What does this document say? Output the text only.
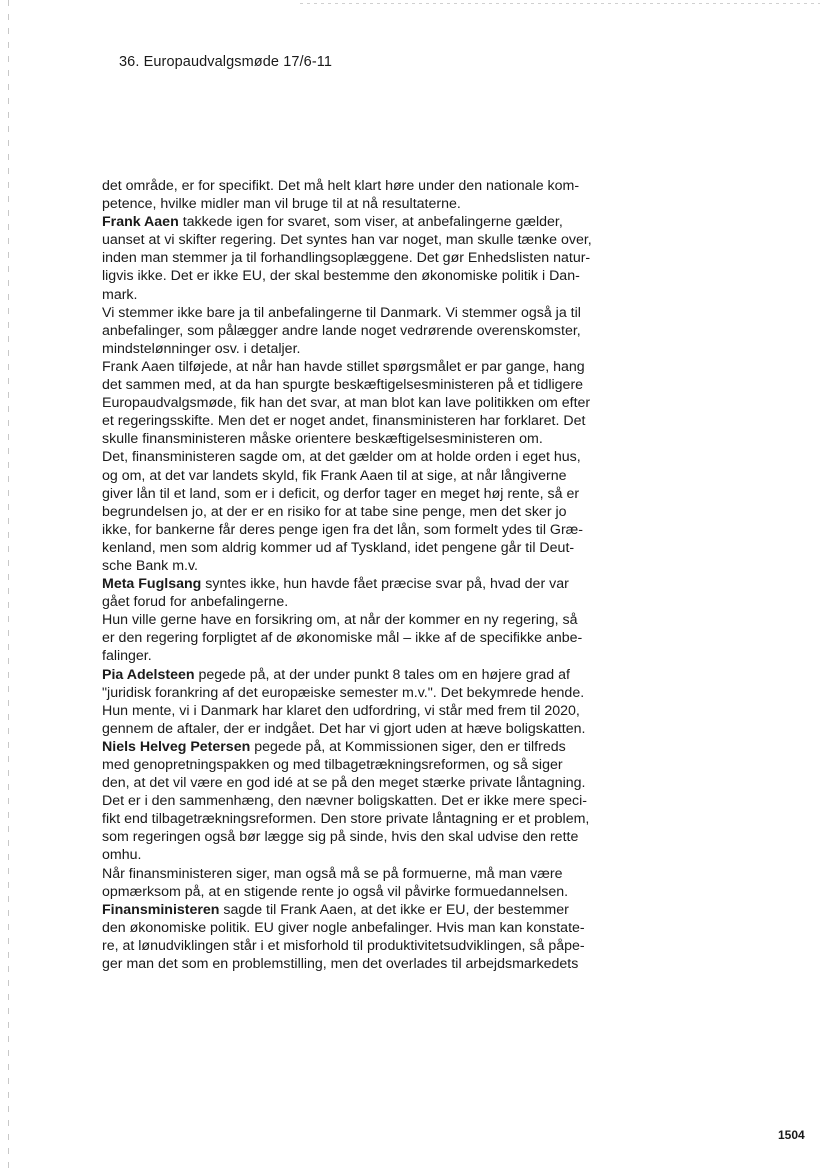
36. Europaudvalgsmøde 17/6-11

det område, er for specifikt. Det må helt klart høre under den nationale kom-
petence, hvilke midler man vil bruge til at nå resultaterne.

Frank Aaen takkede igen for svaret, som viser, at anbefalingerne gælder,
uanset at vi skifter regering. Det syntes han var noget, man skulle tænke over,
inden man stemmer ja til forhandlingsoplæggene. Det gør Enhedslisten natur-
ligvis ikke. Det er ikke EU, der skal bestemme den økonomiske politik i Dan-
mark.

Vi stemmer ikke bare ja til anbefalingerne til Danmark. Vi stemmer også ja til
anbefalinger, som pålægger andre lande noget vedrørende overenskomster,
mindstelønninger osv. i detaljer.

Frank Aaen tilføjede, at når han havde stillet spørgsmålet er par gange, hang
det sammen med, at da han spurgte beskæftigelsesministeren på et tidligere
Europaudvalgsmøde, fik han det svar, at man blot kan lave politikken om efter
et regeringsskifte. Men det er noget andet, finansministeren har forklaret. Det
skulle finansministeren måske orientere beskæftigelsesministeren om.

Det, finansministeren sagde om, at det gælder om at holde orden i eget hus,
og om, at det var landets skyld, fik Frank Aaen til at sige, at når långiverne
giver lån til et land, som er i deficit, og derfor tager en meget høj rente, så er
begrundelsen jo, at der er en risiko for at tabe sine penge, men det sker jo
ikke, for bankerne får deres penge igen fra det lån, som formelt ydes til Græ-
kenland, men som aldrig kommer ud af Tyskland, idet pengene går til Deut-
sche Bank m.v.

Meta Fuglsang syntes ikke, hun havde fået præcise svar på, hvad der var
gået forud for anbefalingerne.

Hun ville gerne have en forsikring om, at når der kommer en ny regering, så
er den regering forpligtet af de økonomiske mål – ikke af de specifikke anbe-
falinger.

Pia Adelsteen pegede på, at der under punkt 8 tales om en højere grad af
"juridisk forankring af det europæiske semester m.v.". Det bekymrede hende.
Hun mente, vi i Danmark har klaret den udfordring, vi står med frem til 2020,
gennem de aftaler, der er indgået. Det har vi gjort uden at hæve boligskatten.

Niels Helveg Petersen pegede på, at Kommissionen siger, den er tilfreds
med genopretningspakken og med tilbagetrækningsreformen, og så siger
den, at det vil være en god idé at se på den meget stærke private låntagning.
Det er i den sammenhæng, den nævner boligskatten. Det er ikke mere speci-
fikt end tilbagetrækningsreformen. Den store private låntagning er et problem,
som regeringen også bør lægge sig på sinde, hvis den skal udvise den rette
omhu.

Når finansministeren siger, man også må se på formuerne, må man være
opmærksom på, at en stigende rente jo også vil påvirke formuedannelsen.

Finansministeren sagde til Frank Aaen, at det ikke er EU, der bestemmer
den økonomiske politik. EU giver nogle anbefalinger. Hvis man kan konstate-
re, at lønudviklingen står i et misforhold til produktivitetsudviklingen, så påpe-
ger man det som en problemstilling, men det overlades til arbejdsmarkedets

1504
